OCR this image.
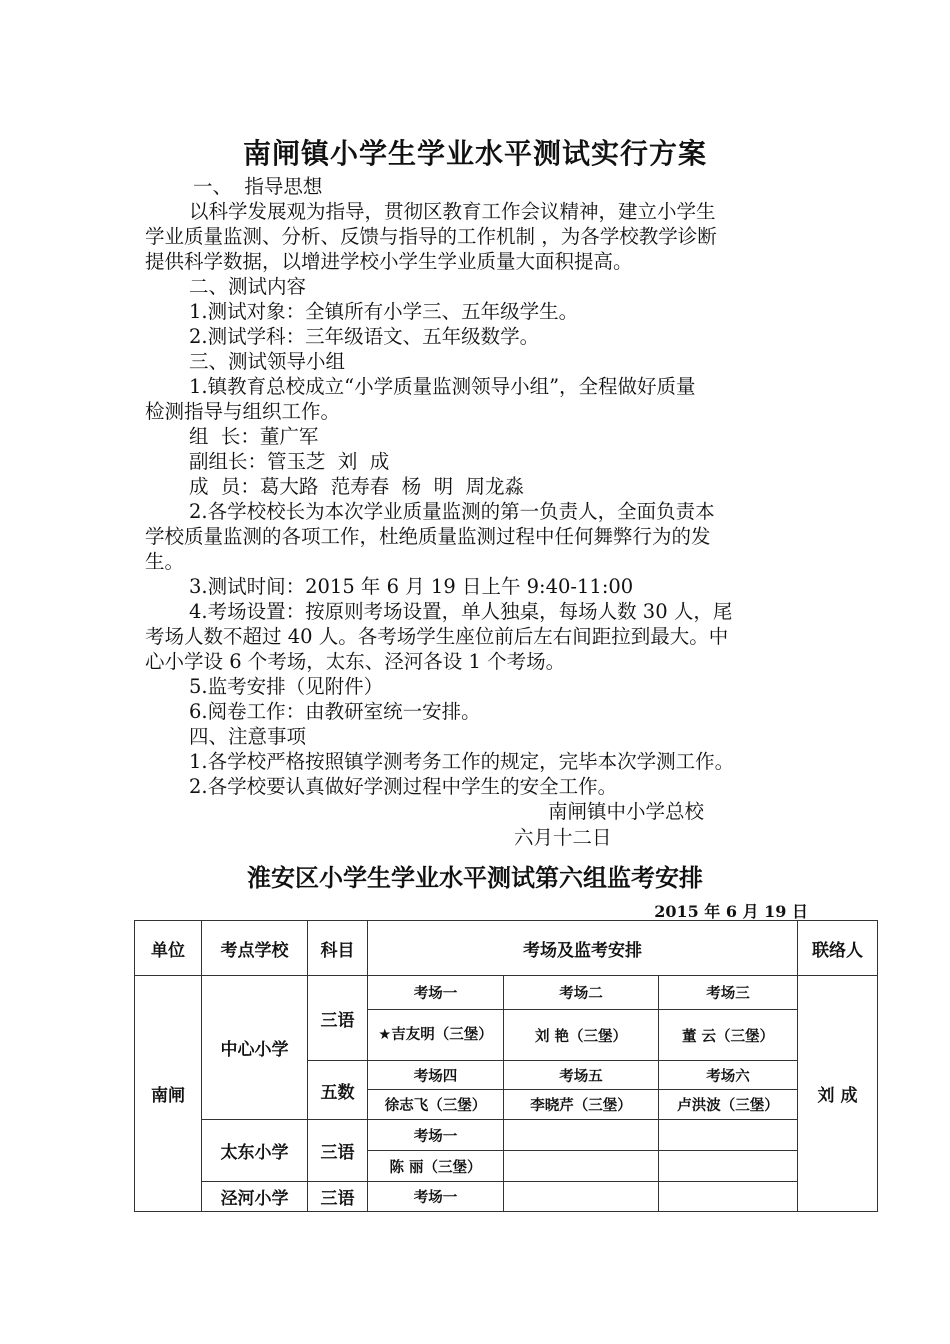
南闸镇小学生学业水平测试实行方案

一、  指导思想

以科学发展观为指导，贯彻区教育工作会议精神，建立小学生

学业质量监测、分析、反馈与指导的工作机制 ，为各学校教学诊断

提供科学数据，以增进学校小学生学业质量大面积提高。

二、测试内容

1.测试对象：全镇所有小学三、五年级学生。

2.测试学科：三年级语文、五年级数学。

三、测试领导小组

1.镇教育总校成立“小学质量监测领导小组”，全程做好质量

检测指导与组织工作。

组  长：董广军

副组长：管玉芝  刘  成

成  员：葛大路  范寿春  杨  明  周龙淼

2.各学校校长为本次学业质量监测的第一负责人，全面负责本

学校质量监测的各项工作，杜绝质量监测过程中任何舞弊行为的发

生。

3.测试时间：2015 年 6 月 19 日上午 9:40-11:00

4.考场设置：按原则考场设置，单人独桌，每场人数 30 人，尾

考场人数不超过 40 人。各考场学生座位前后左右间距拉到最大。中

心小学设 6 个考场，太东、泾河各设 1 个考场。

5.监考安排（见附件）

6.阅卷工作：由教研室统一安排。

四、注意事项

1.各学校严格按照镇学测考务工作的规定，完毕本次学测工作。

2.各学校要认真做好学测过程中学生的安全工作。

南闸镇中小学总校
六月十二日
淮安区小学生学业水平测试第六组监考安排
2015 年 6 月 19 日
单位	考点学校	科目	考场及监考安排			联络人
南闸	中心小学	三语	考场一	考场二	考场三	刘 成
			★吉友明（三堡）	刘 艳（三堡）	董 云（三堡）	
		五数	考场四	考场五	考场六	
			徐志飞（三堡）	李晓芹（三堡）	卢洪波（三堡）	
	太东小学	三语	考场一			
			陈 丽（三堡）			
	泾河小学	三语	考场一			
